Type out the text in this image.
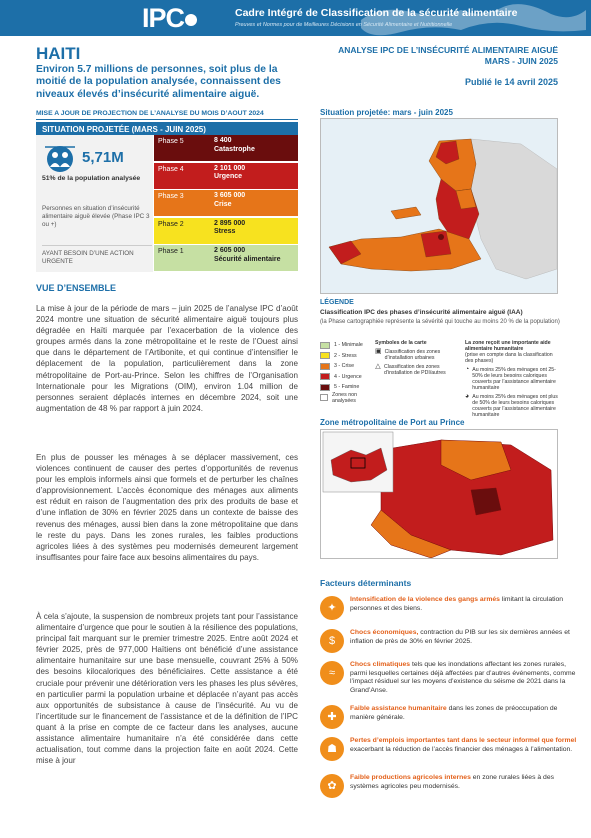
IPC	Cadre Intégré de Classification de la sécurité alimentaire
Preuves et Normes pour de Meilleures Décisions en Sécurité Alimentaire et Nutritionnelle
HAITI
Environ 5.7 millions de personnes, soit plus de la moitié de la population analysée, connaissent des niveaux élevés d’insécurité alimentaire aiguë.
ANALYSE IPC DE L’INSÉCURITÉ ALIMENTAIRE AIGUË
MARS - JUIN 2025
Publié le 14 avril 2025
MISE A JOUR DE PROJECTION DE L’ANALYSE DU MOIS D’AOUT 2024
SITUATION PROJETÉE (MARS - JUIN 2025)
5,71M
51% de la population analysée
Personnes en situation d’insécurité alimentaire aiguë élevée (Phase IPC 3 ou +)
AYANT BESOIN D’UNE ACTION URGENTE
Phase 5	8 400
Catastrophe
Phase 4	2 101 000
Urgence
Phase 3	3 605 000
Crise
Phase 2	2 895 000
Stress
Phase 1	2 605 000
Sécurité alimentaire
VUE D’ENSEMBLE
La mise à jour de la période de mars – juin 2025 de l’analyse IPC d’août 2024 montre une situation de sécurité alimentaire aiguë toujours plus dégradée en Haïti marquée par l’exacerbation de la violence des groupes armés dans la zone métropolitaine et le reste de l’Ouest ainsi que dans le département de l’Artibonite, et qui continue d’intensifier le déplacement de la population, particulièrement dans la zone métropolitaine de Port-au-Prince. Selon les chiffres de l’Organisation Internationale pour les Migrations (OIM), environ 1.04 million de personnes seraient déplacés internes en décembre 2024, soit une augmentation de 48 % par rapport à juin 2024.
En plus de pousser les ménages à se déplacer massivement, ces violences continuent de causer des pertes d’opportunités de revenus pour les emplois informels ainsi que formels et de perturber les chaînes d’approvisionnement. L’accès économique des ménages aux aliments est réduit en raison de l’augmentation des prix des produits de base et d’une inflation de 30% en février 2025 dans un contexte de baisse des revenus des ménages, aussi bien dans la zone métropolitaine que dans le reste du pays. Dans les zones rurales, les faibles productions agricoles liées à des systèmes peu modernisés demeurent largement insuffisantes pour faire face aux besoins alimentaires du pays.
À cela s’ajoute, la suspension de nombreux projets tant pour l’assistance alimentaire d’urgence que pour le soutien à la résilience des populations, principal fait marquant sur le premier trimestre 2025. Entre août 2024 et février 2025, près de 977,000 Haïtiens ont bénéficié d’une assistance alimentaire humanitaire sur une base mensuelle, couvrant 25% à 50% des besoins kilocaloriques des bénéficiaires. Cette assistance a été cruciale pour prévenir une détérioration vers les phases les plus sévères, en particulier parmi la population urbaine et déplacée n’ayant pas accès aux opportunités de subsistance à cause de l’insécurité. Au vu de l’incertitude sur le financement de l’assistance et de la définition de l’IPC quant à la prise en compte de ce facteur dans les analyses, aucune assistance alimentaire humanitaire n’a été considérée dans cette actualisation, tout comme dans la projection faite en août 2024. Cette mise à jour
Situation projetée: mars - juin 2025
LÉGENDE
Classification IPC des phases d’insécurité alimentaire aiguë (IAA)
(la Phase cartographiée représente la sévérité qui touche au moins 20 % de la population)
1 - Minimale
2 - Stress
3 - Crise
4 - Urgence
5 - Famine
Zones non analysées
Symboles de la carte
▣ Classification des zones d’installation urbaines
△ Classification des zones d’installation de PDI/autres
La zone reçoit une importante aide alimentaire humanitaire
(prise en compte dans la classification des phases)
◔ Au moins 25% des ménages ont 25-50% de leurs besoins caloriques couverts par l’assistance alimentaire humanitaire
◕ Au moins 25% des ménages ont plus de 50% de leurs besoins caloriques couverts par l’assistance alimentaire humanitaire
Zone métropolitaine de Port au Prince
Facteurs déterminants
✦
Intensification de la violence des gangs armés limitant la circulation personnes et des biens.
$
Chocs économiques, contraction du PIB sur les six dernières années et inflation de près de 30% en février 2025.
≈
Chocs climatiques tels que les inondations affectant les zones rurales, parmi lesquelles certaines déjà affectées par d’autres événements, comme l’impact résiduel sur les moyens d’existence du séisme de 2021 dans la Grand’Anse.
✚
Faible assistance humanitaire dans les zones de préoccupation de manière générale.
☗
Pertes d’emplois importantes tant dans le secteur informel que formel exacerbant la réduction de l’accès financier des ménages à l’alimentation.
✿
Faible productions agricoles internes en zone rurales liées à des systèmes agricoles peu modernisés.
